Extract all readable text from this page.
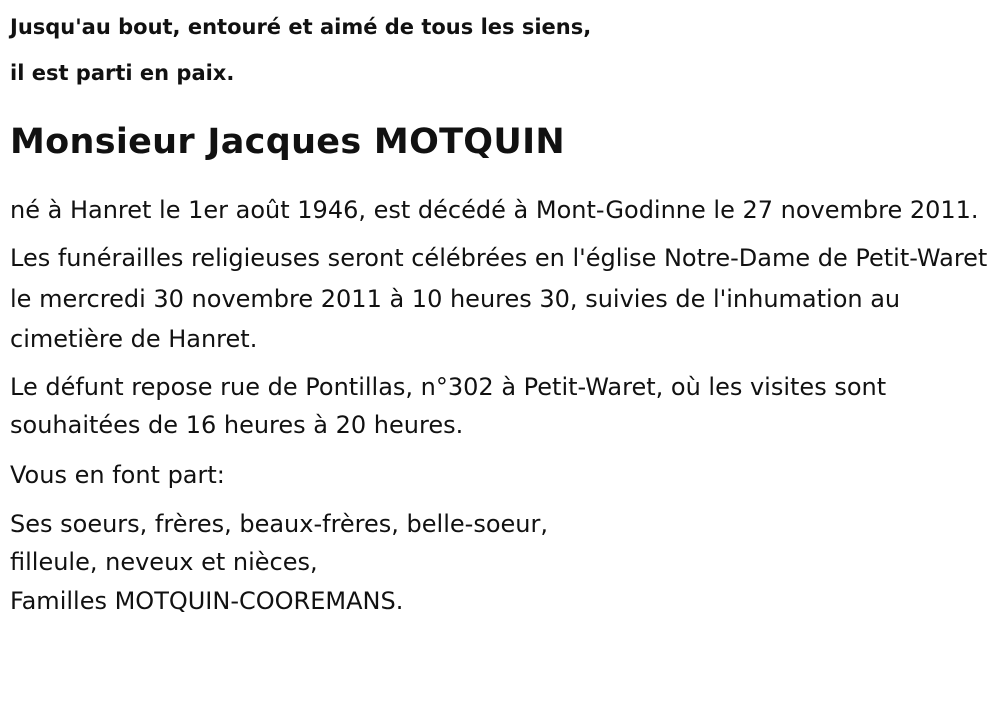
Jusqu'au bout, entouré et aimé de tous les siens,

il est parti en paix.

Monsieur Jacques MOTQUIN

né à Hanret le 1er août 1946, est décédé à Mont-Godinne le 27 novembre 2011.

Les funérailles religieuses seront célébrées en l'église Notre-Dame de Petit-Waret le mercredi 30 novembre 2011 à 10 heures 30, suivies de l'inhumation au cimetière de Hanret.

Le défunt repose rue de Pontillas, n°302 à Petit-Waret, où les visites sont souhaitées de 16 heures à 20 heures.

Vous en font part:

Ses soeurs, frères, beaux-frères, belle-soeur,
filleule, neveux et nièces,
Familles MOTQUIN-COOREMANS.
